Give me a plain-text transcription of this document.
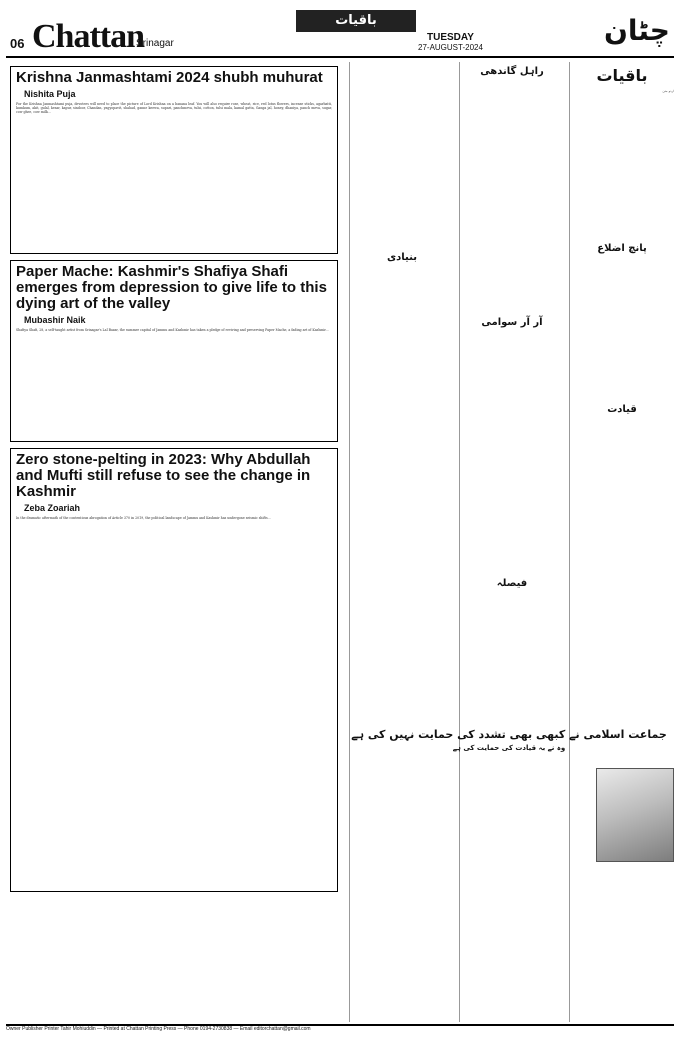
06 Chattan
Srinagar
باقیات
TUESDAY
27-AUGUST-2024
چٹان
Krishna Janmashtami 2024 shubh muhurat
Nishita Puja
For the Krishna Janmashtami puja, devotees will need to place the picture of Lord Krishna on a banana leaf. You will also require rose, wheat, rice, red lotus flowers, incense sticks, agarbatti, kumkum, akit, gulal, kesar, kapur, sindoor, Chandan, yagyopavit, shahad, ganne keewa, supari, panchmeva, tulsi, cotton, tulsi mala, kamal gatta, Ganga jal, honey, dhaniya, panch meva, sugar, cow ghee, cow milk...
Paper Mache: Kashmir's Shafiya Shafi emerges from depression to give life to this dying art of the valley
Mubashir Naik
Shafiya Shafi, 28, a self-taught artist from Srinagar's Lal Bazar, the summer capital of Jammu and Kashmir has taken a pledge of reviving and preserving Paper Mache, a fading art of Kashmir...
Zero stone-pelting in 2023: Why Abdullah and Mufti still refuse to see the change in Kashmir
Zeba Zoariah
In the dramatic aftermath of the contentious abrogation of Article 370 in 2019, the political landscape of Jammu and Kashmir has undergone seismic shifts...
باقیات
اردو متن
پانچ اضلاع
قیادت
راہل گاندھی
آر آر سوامی
فیصلہ
بنیادی
جماعت اسلامی نے کبھی بھی تشدد کی حمایت نہیں کی ہے
وہ نے بہ قیادت کی حمایت کی ہے
Owner Publisher Printer Tahir Mohiuddin — Printed at Chattan Printing Press — Phone 0194-2730838 — Email editorchattan@gmail.com
